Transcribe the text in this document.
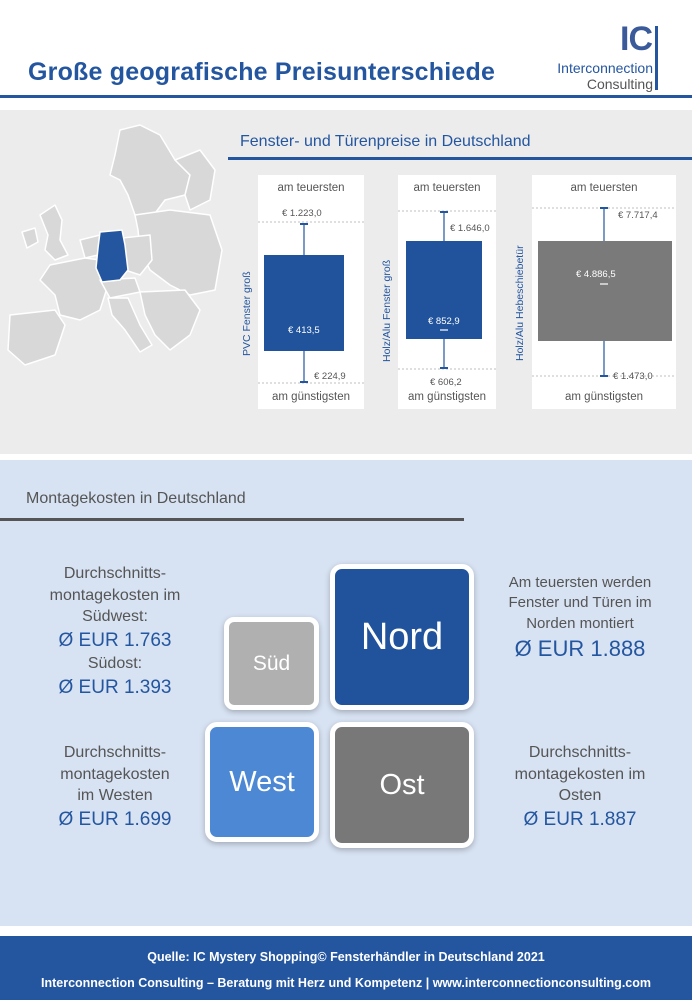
Große geografische Preisunterschiede
IC
Interconnection
Consulting
Fenster- und Türenpreise in Deutschland
am teuersten
€ 1.223,0
€ 413,5
€ 224,9
am günstigsten
PVC Fenster groß
am teuersten
€ 1.646,0
€ 852,9
€ 606,2
am günstigsten
Holz/Alu Fenster groß
am teuersten
€ 7.717,4
€ 4.886,5
€ 1.473,0
am günstigsten
Holz/Alu Hebeschiebetür
Montagekosten in Deutschland
Nord
Süd
West	Ost
Durchschnitts-
montagekosten im
Südwest:
Ø EUR 1.763
Südost:
Ø EUR 1.393
Am teuersten werden
Fenster und Türen im
Norden montiert
Ø EUR 1.888
Durchschnitts-
montagekosten
im Westen
Ø EUR 1.699
Durchschnitts-
montagekosten im
Osten
Ø EUR 1.887
Quelle: IC Mystery Shopping© Fensterhändler in Deutschland 2021
Interconnection Consulting – Beratung mit Herz und Kompetenz | www.interconnectionconsulting.com
